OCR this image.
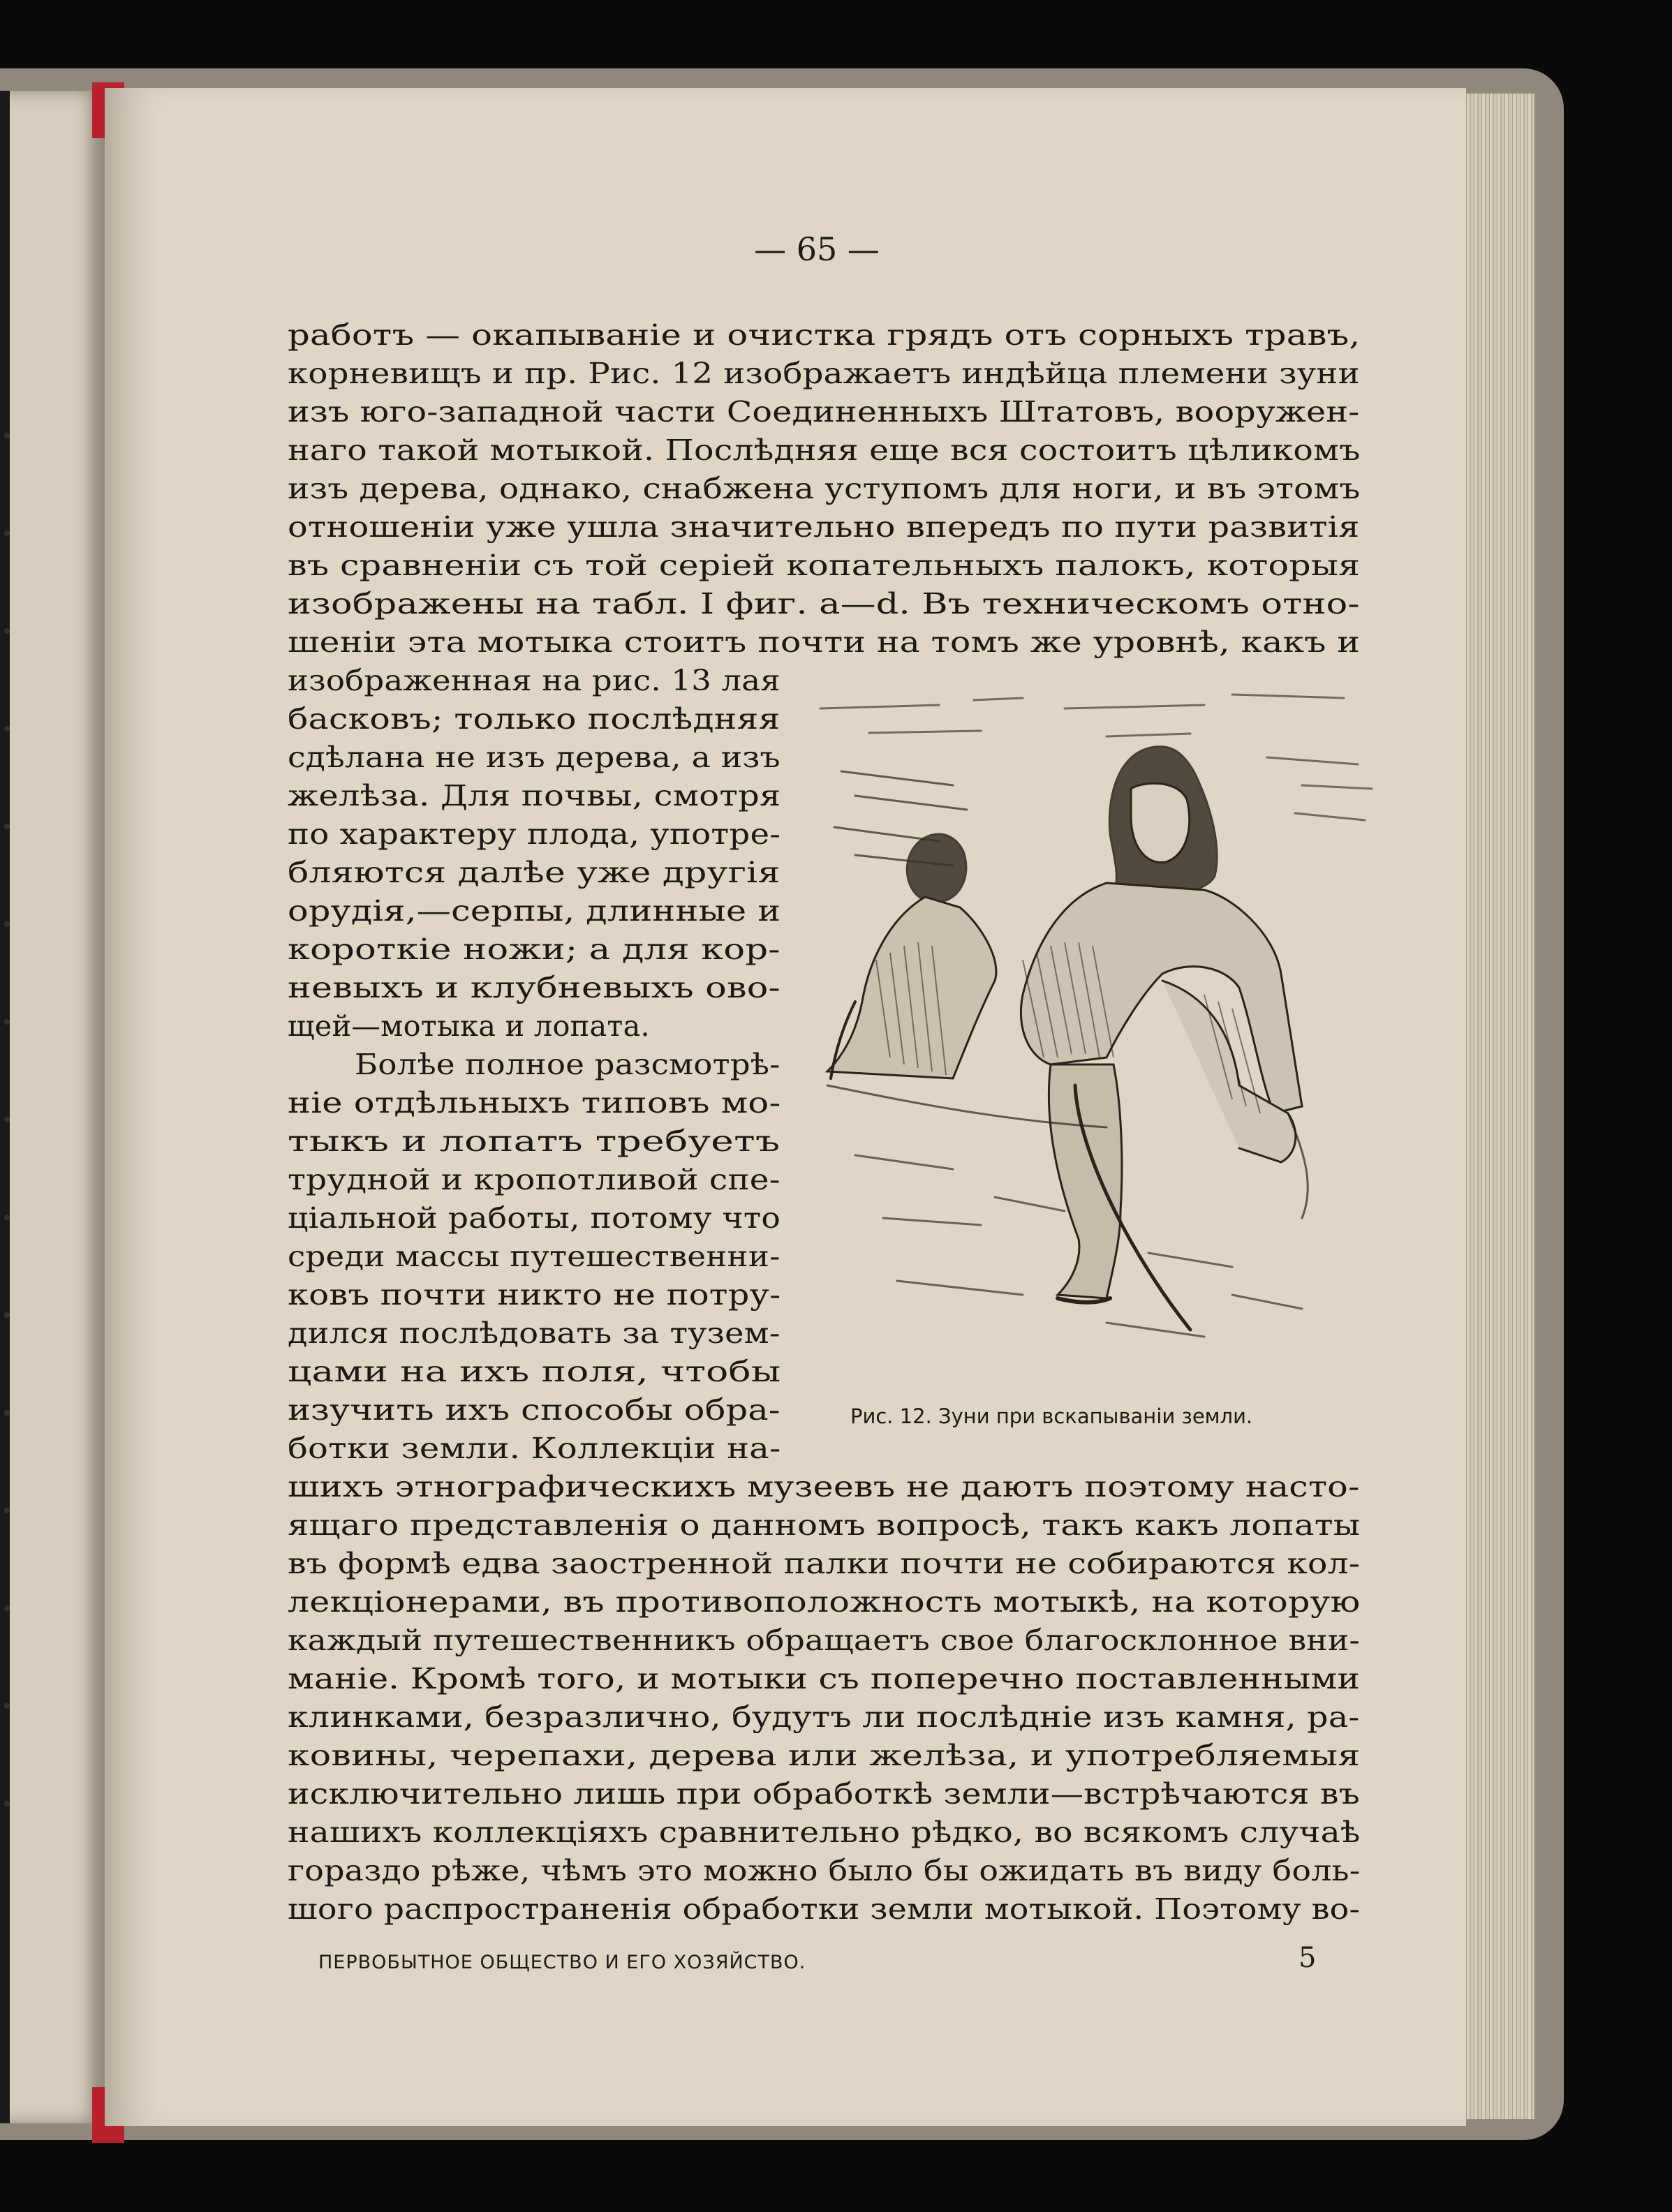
— 65 —
работъ — окапываніе и очистка грядъ отъ сорныхъ травъ,
корневищъ и пр. Рис. 12 изображаетъ индѣйца племени зуни
изъ юго-западной части Соединенныхъ Штатовъ, вооружен-
наго такой мотыкой. Послѣдняя еще вся состоитъ цѣликомъ
изъ дерева, однако, снабжена уступомъ для ноги, и въ этомъ
отношеніи уже ушла значительно впередъ по пути развитія
въ сравненіи съ той серіей копательныхъ палокъ, которыя
изображены на табл. I фиг. a—d. Въ техническомъ отно-
шеніи эта мотыка стоитъ почти на томъ же уровнѣ, какъ и
изображенная на рис. 13 лая
басковъ; только послѣдняя
сдѣлана не изъ дерева, а изъ
желѣза. Для почвы, смотря
по характеру плода, употре-
бляются далѣе уже другія
орудія,—серпы, длинные и
короткіе ножи; а для кор-
невыхъ и клубневыхъ ово-
щей—мотыка и лопата.
Болѣе полное разсмотрѣ-
ніе отдѣльныхъ типовъ мо-
тыкъ и лопатъ требуетъ
трудной и кропотливой спе-
ціальной работы, потому что
среди массы путешественни-
ковъ почти никто не потру-
дился послѣдовать за тузем-
цами на ихъ поля, чтобы
изучить ихъ способы обра-
ботки земли. Коллекціи на-
шихъ этнографическихъ музеевъ не даютъ поэтому насто-
ящаго представленія о данномъ вопросѣ, такъ какъ лопаты
въ формѣ едва заостренной палки почти не собираются кол-
лекціонерами, въ противоположность мотыкѣ, на которую
каждый путешественникъ обращаетъ свое благосклонное вни-
маніе. Кромѣ того, и мотыки съ поперечно поставленными
клинками, безразлично, будутъ ли послѣдніе изъ камня, ра-
ковины, черепахи, дерева или желѣза, и употребляемыя
исключительно лишь при обработкѣ земли—встрѣчаются въ
нашихъ коллекціяхъ сравнительно рѣдко, во всякомъ случаѣ
гораздо рѣже, чѣмъ это можно было бы ожидать въ виду боль-
шого распространенія обработки земли мотыкой. Поэтому во-
Рис. 12. Зуни при вскапываніи земли.
ПЕРВОБЫТНОЕ ОБЩЕСТВО И ЕГО ХОЗЯЙСТВО.	5
